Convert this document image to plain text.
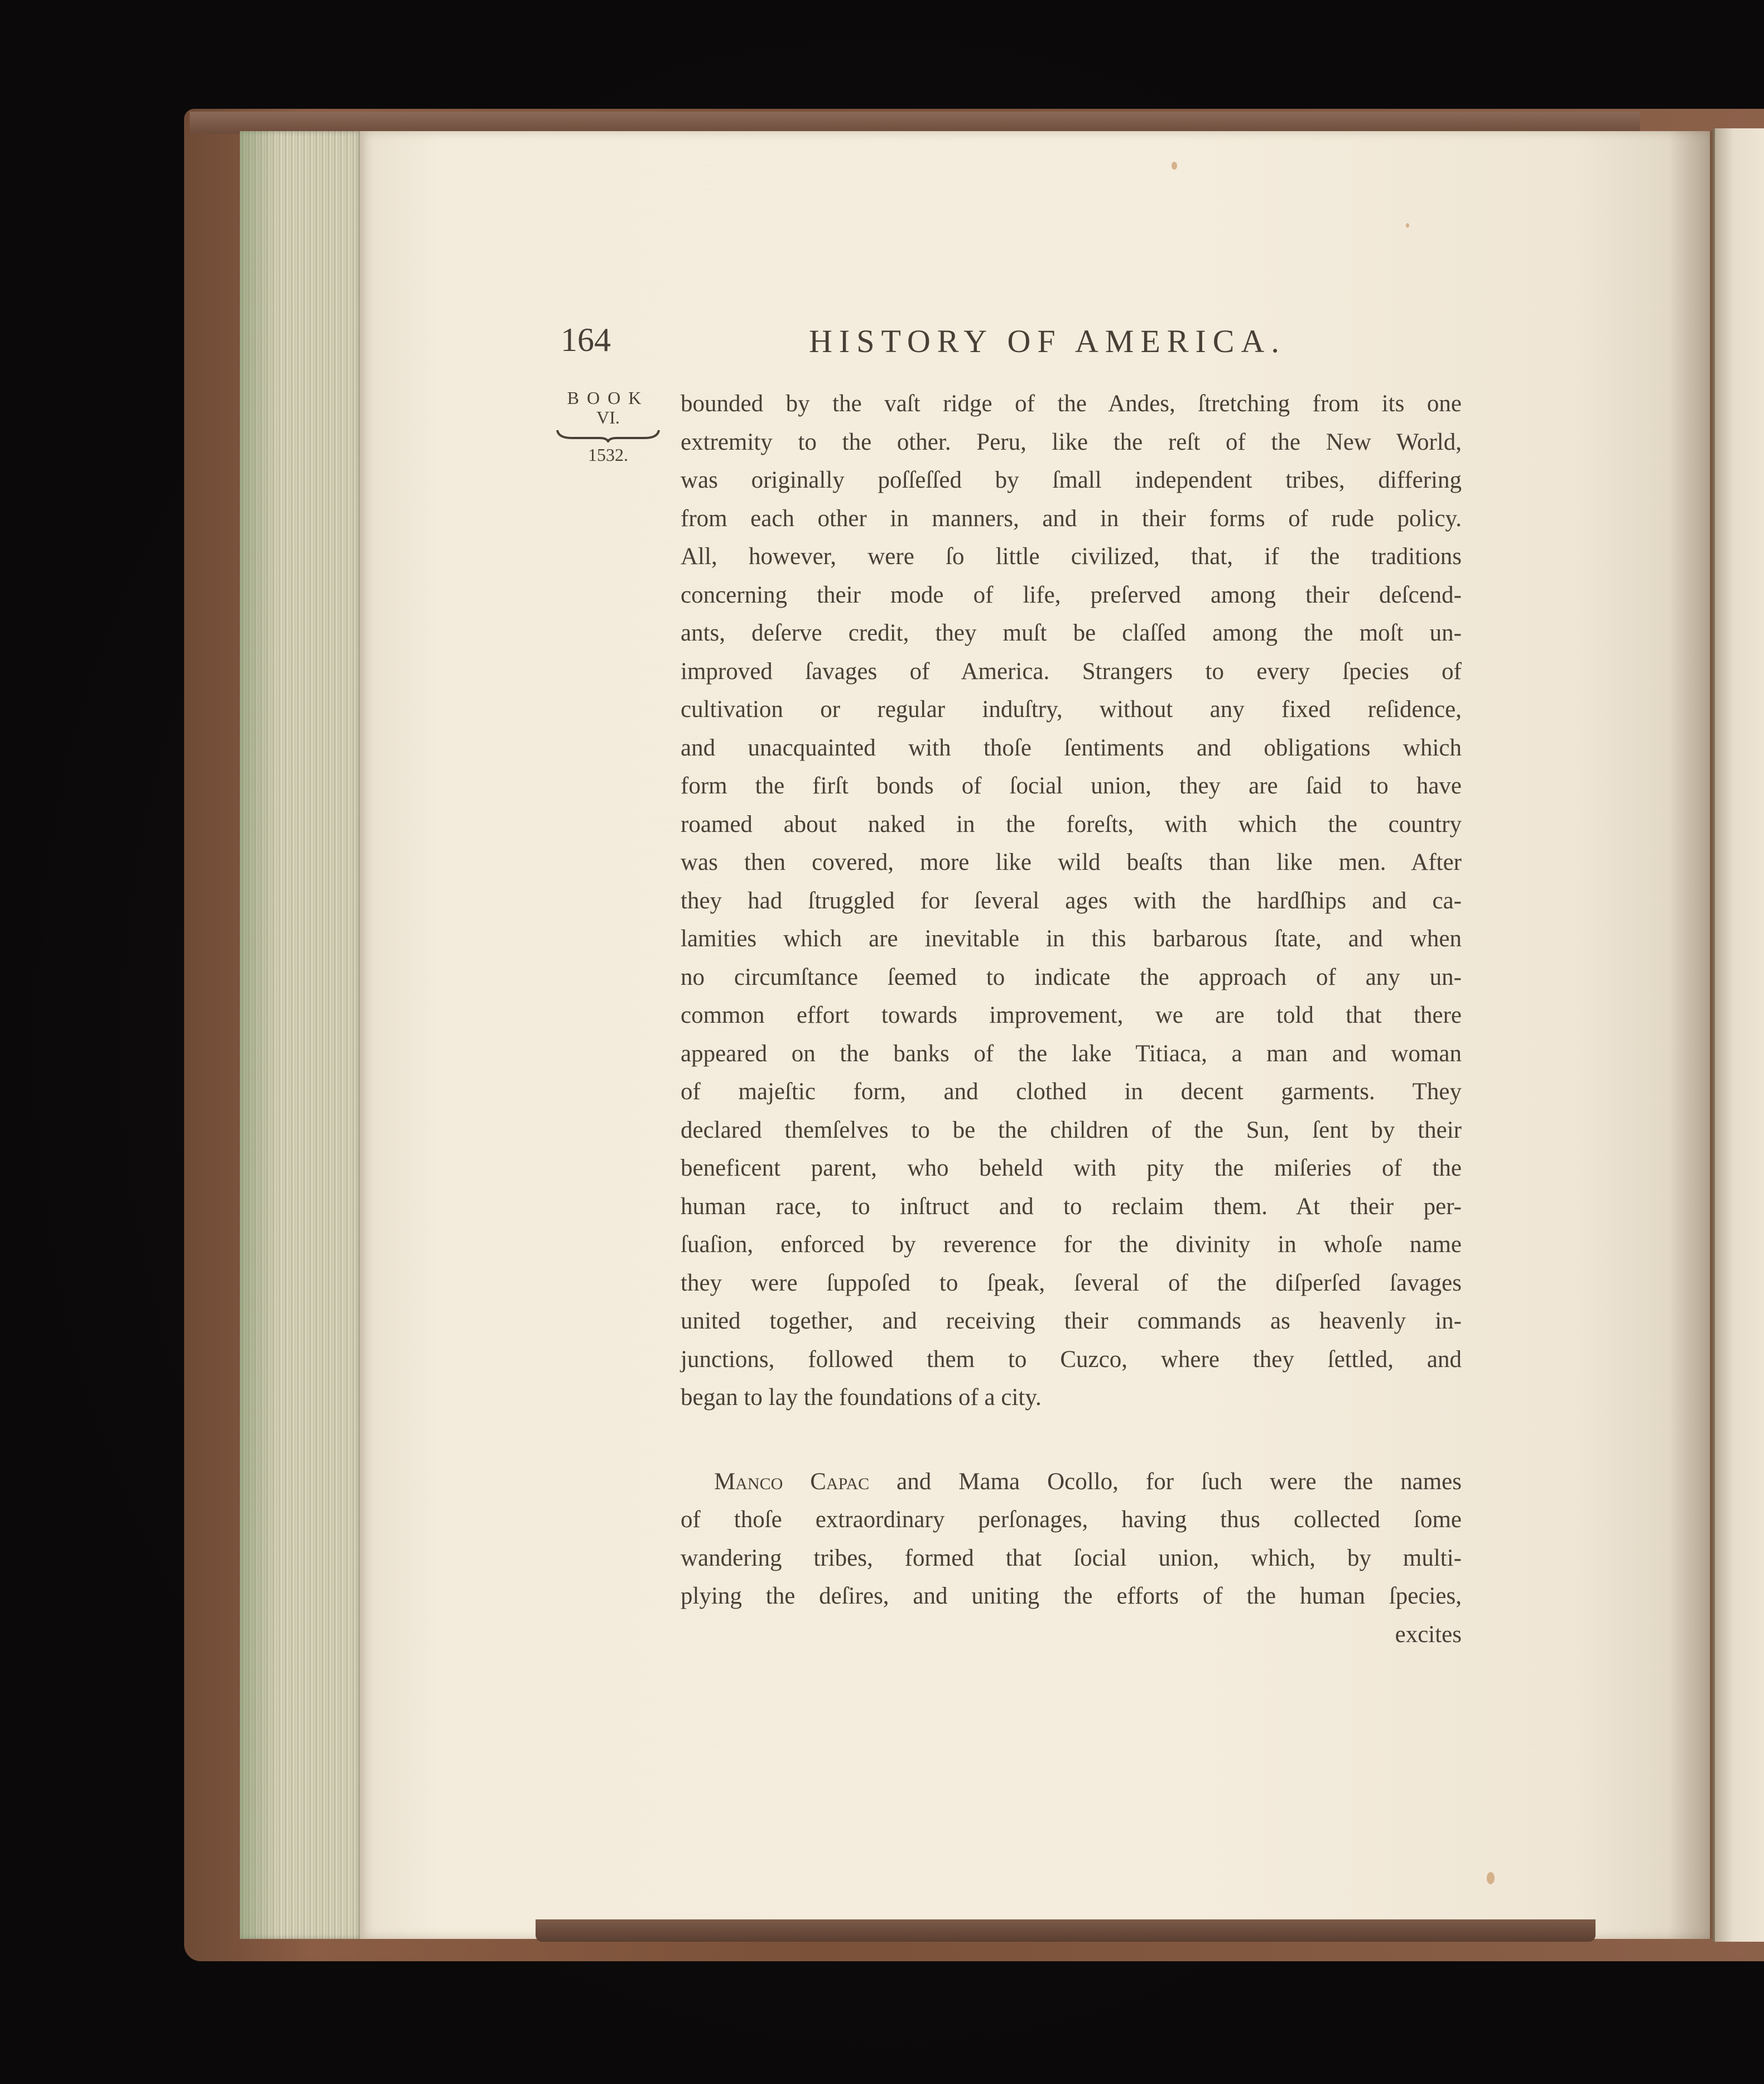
164	HISTORY OF AMERICA.
BOOK
VI.
1532.
bounded by the vaſt ridge of the Andes, ſtretching from its one
extremity to the other. Peru, like the reſt of the New World,
was originally poſſeſſed by ſmall independent tribes, differing
from each other in manners, and in their forms of rude policy.
All, however, were ſo little civilized, that, if the traditions
concerning their mode of life, preſerved among their deſcend-
ants, deſerve credit, they muſt be claſſed among the moſt un-
improved ſavages of America. Strangers to every ſpecies of
cultivation or regular induſtry, without any fixed reſidence,
and unacquainted with thoſe ſentiments and obligations which
form the firſt bonds of ſocial union, they are ſaid to have
roamed about naked in the foreſts, with which the country
was then covered, more like wild beaſts than like men. After
they had ſtruggled for ſeveral ages with the hardſhips and ca-
lamities which are inevitable in this barbarous ſtate, and when
no circumſtance ſeemed to indicate the approach of any un-
common effort towards improvement, we are told that there
appeared on the banks of the lake Titiaca, a man and woman
of majeſtic form, and clothed in decent garments. They
declared themſelves to be the children of the Sun, ſent by their
beneficent parent, who beheld with pity the miſeries of the
human race, to inſtruct and to reclaim them. At their per-
ſuaſion, enforced by reverence for the divinity in whoſe name
they were ſuppoſed to ſpeak, ſeveral of the diſperſed ſavages
united together, and receiving their commands as heavenly in-
junctions, followed them to Cuzco, where they ſettled, and
began to lay the foundations of a city.
Manco Capac and Mama Ocollo, for ſuch were the names
of thoſe extraordinary perſonages, having thus collected ſome
wandering tribes, formed that ſocial union, which, by multi-
plying the deſires, and uniting the efforts of the human ſpecies,
excites
